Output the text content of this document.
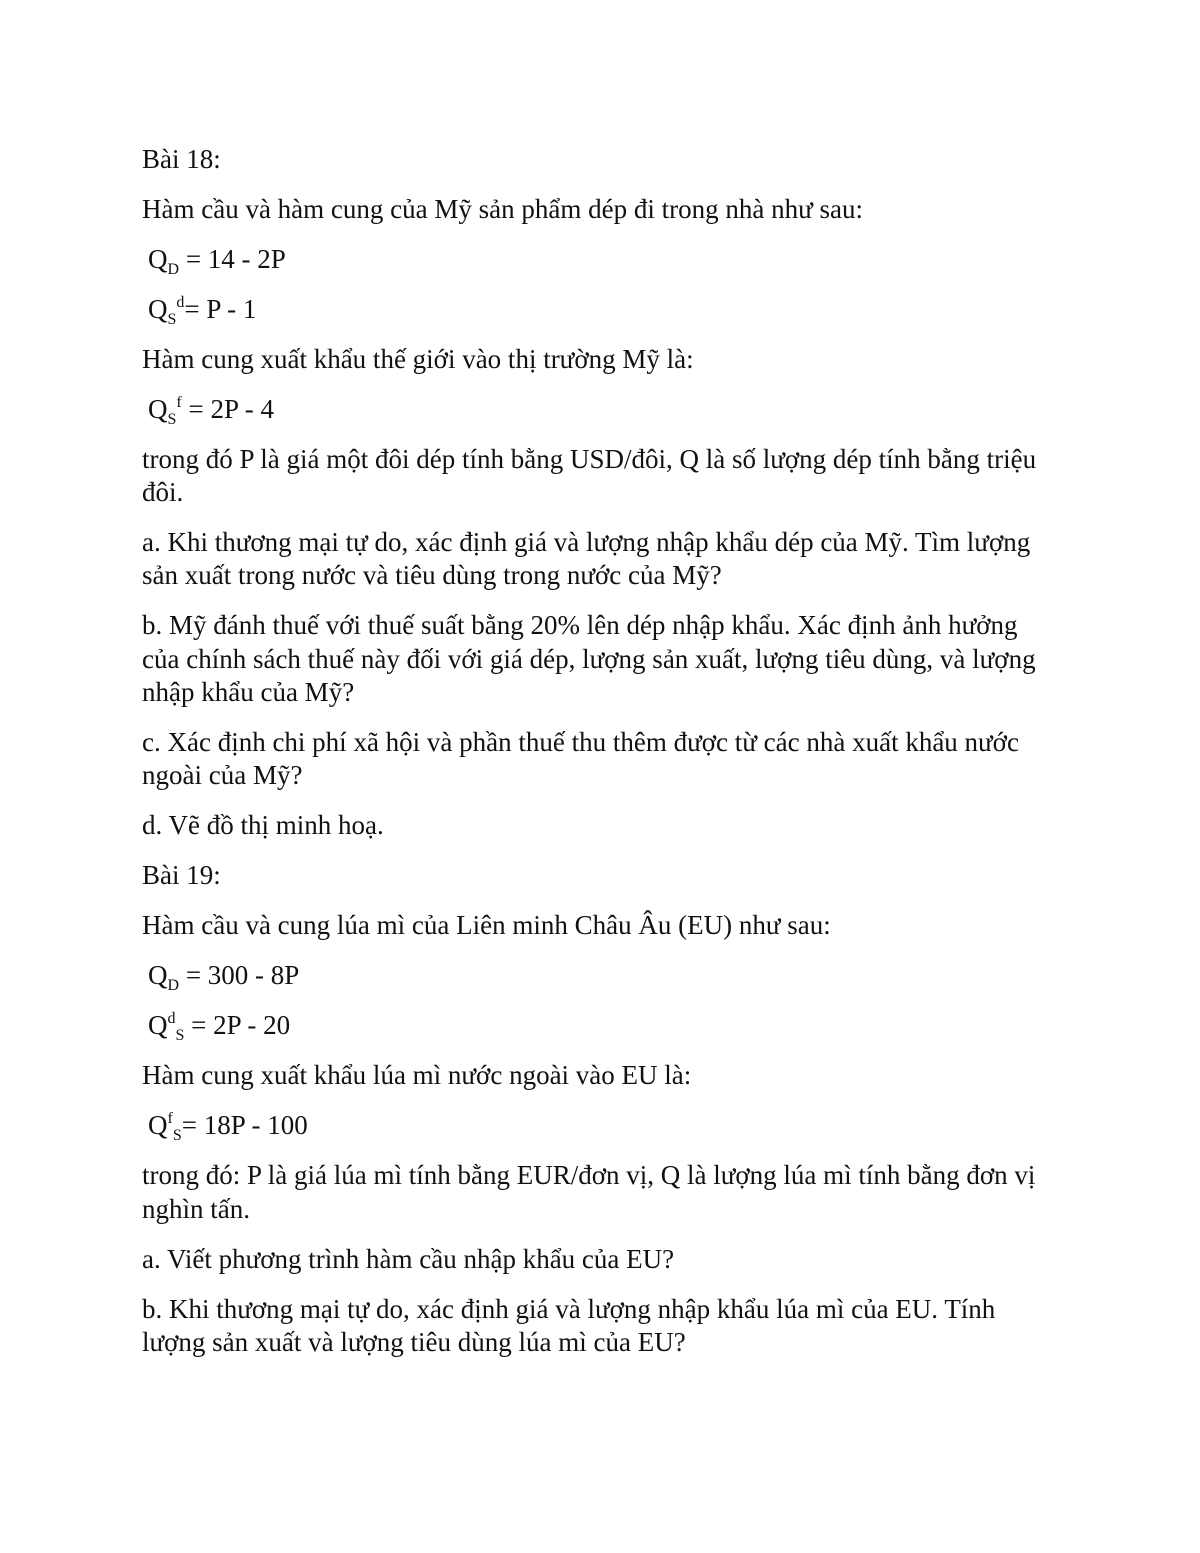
Bài 18:
Hàm cầu và hàm cung của Mỹ sản phẩm dép đi trong nhà như sau:
$Q_D = 14 - 2P$
$Q_S^d= P - 1$
Hàm cung xuất khẩu thế giới vào thị trường Mỹ là:
$Q_S^f = 2P - 4$
trong đó P là giá một đôi dép tính bằng USD/đôi, Q là số lượng dép tính bằng triệu
đôi.
a. Khi thương mại tự do, xác định giá và lượng nhập khẩu dép của Mỹ. Tìm lượng
sản xuất trong nước và tiêu dùng trong nước của Mỹ?
b. Mỹ đánh thuế với thuế suất bằng 20% lên dép nhập khẩu. Xác định ảnh hưởng
của chính sách thuế này đối với giá dép, lượng sản xuất, lượng tiêu dùng, và lượng
nhập khẩu của Mỹ?
c. Xác định chi phí xã hội và phần thuế thu thêm được từ các nhà xuất khẩu nước
ngoài của Mỹ?
d. Vẽ đồ thị minh hoạ.
Bài 19:
Hàm cầu và cung lúa mì của Liên minh Châu Âu (EU) như sau:
$Q_D = 300 - 8P$
$Q^d_S = 2P - 20$
Hàm cung xuất khẩu lúa mì nước ngoài vào EU là:
$Q^f_S= 18P - 100$
trong đó: P là giá lúa mì tính bằng EUR/đơn vị, Q là lượng lúa mì tính bằng đơn vị
nghìn tấn.
a. Viết phương trình hàm cầu nhập khẩu của EU?
b. Khi thương mại tự do, xác định giá và lượng nhập khẩu lúa mì của EU. Tính
lượng sản xuất và lượng tiêu dùng lúa mì của EU?
